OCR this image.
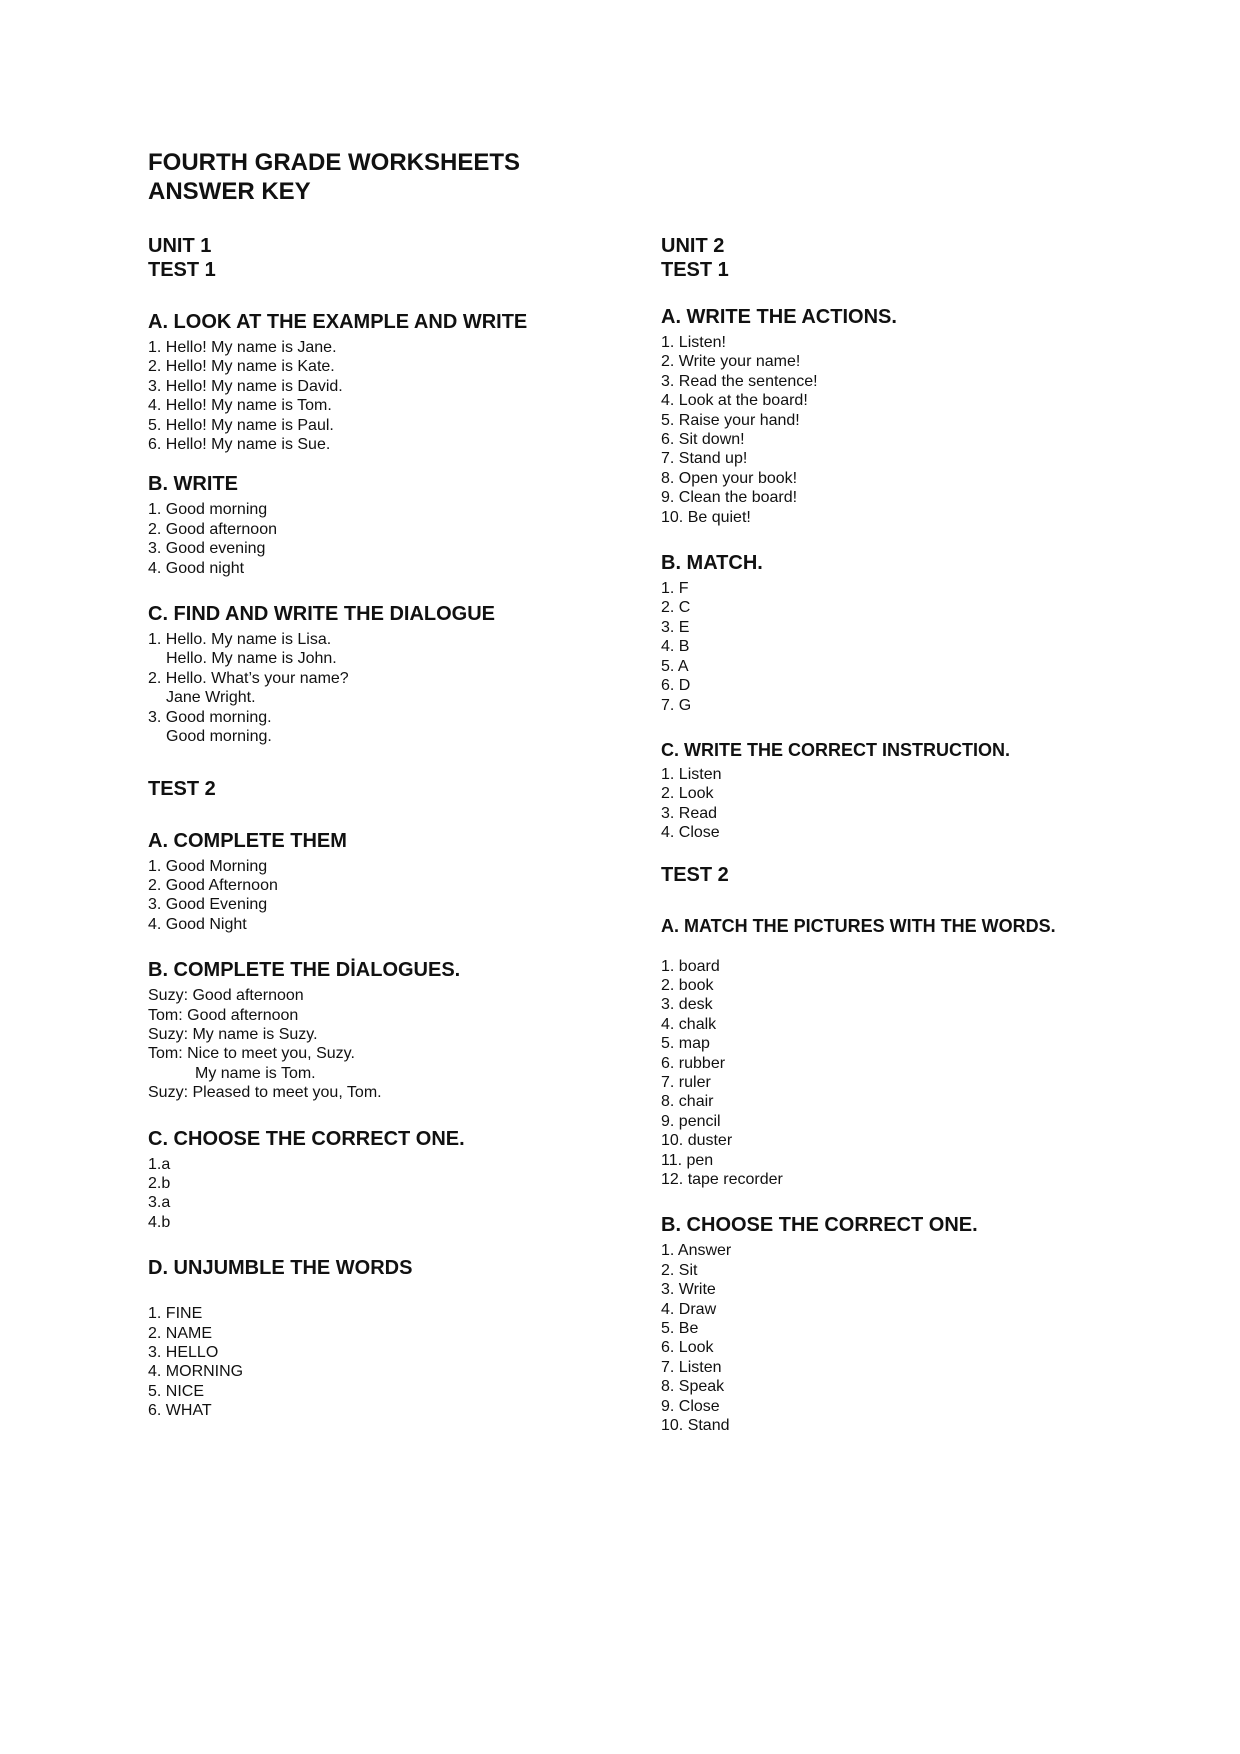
FOURTH GRADE WORKSHEETS
ANSWER KEY
UNIT 1
TEST 1
A. LOOK AT THE EXAMPLE AND WRITE
1. Hello! My name is Jane.
2. Hello! My name is Kate.
3. Hello! My name is David.
4. Hello! My name is Tom.
5. Hello! My name is Paul.
6. Hello! My name is Sue.
B. WRITE
1. Good morning
2. Good afternoon
3. Good evening
4. Good night
C. FIND AND WRITE THE DIALOGUE
1. Hello. My name is Lisa.
Hello. My name is John.
2. Hello. What’s your name?
Jane Wright.
3. Good morning.
Good morning.
TEST 2
A. COMPLETE THEM
1. Good Morning
2. Good Afternoon
3. Good Evening
4. Good Night
B. COMPLETE THE DİALOGUES.
Suzy: Good afternoon
Tom: Good afternoon
Suzy: My name is Suzy.
Tom: Nice to meet you, Suzy.
My name is Tom.
Suzy: Pleased to meet you, Tom.
C. CHOOSE THE CORRECT ONE.
1.a
2.b
3.a
4.b
D. UNJUMBLE THE WORDS
1. FINE
2. NAME
3. HELLO
4. MORNING
5. NICE
6. WHAT
UNIT 2
TEST 1
A. WRITE THE ACTIONS.
1. Listen!
2. Write your name!
3. Read the sentence!
4. Look at the board!
5. Raise your hand!
6. Sit down!
7. Stand up!
8. Open your book!
9. Clean the board!
10. Be quiet!
B. MATCH.
1. F
2. C
3. E
4. B
5. A
6. D
7. G
C. WRITE THE CORRECT INSTRUCTION.
1. Listen
2. Look
3. Read
4. Close
TEST 2
A. MATCH THE PICTURES WITH THE WORDS.
1. board
2. book
3. desk
4. chalk
5. map
6. rubber
7. ruler
8. chair
9. pencil
10. duster
11. pen
12. tape recorder
B. CHOOSE THE CORRECT ONE.
1. Answer
2. Sit
3. Write
4. Draw
5. Be
6. Look
7. Listen
8. Speak
9. Close
10. Stand
